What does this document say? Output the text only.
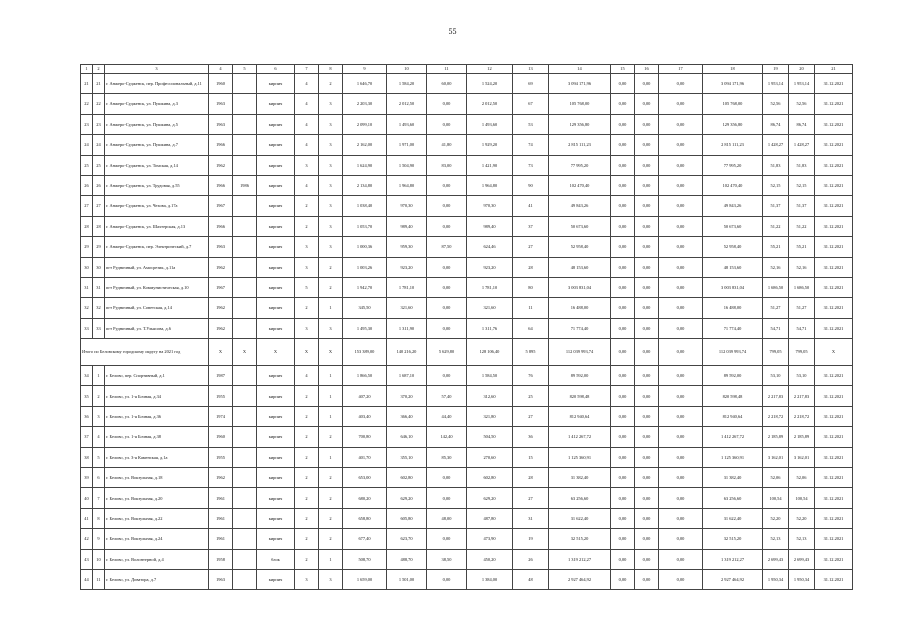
55
1	2	3	4	5	6	7	8	9	10	11	12	13	14	15	16	17	18	19	20	21
21	21	г. Анжеро-Судженск, пер. Профессиональный, д.11	1960		кирпич	4	2	1 646,70	1 584,20	60,00	1 524,20	69	3 094 171,96	0,00	0,00	0,00	3 094 171,96	1 953,14	1 953,14	31.12.2021
22	22	г. Анжеро-Судженск, ул. Пушкина, д.3	1963		кирпич	4	3	2 203,30	2 012,50	0,00	2 012,50	67	105 768,00	0,00	0,00	0,00	105 768,00	52,56	52,56	31.12.2021
23	23	г. Анжеро-Судженск, ул. Пушкина, д.5	1963		кирпич	4	3	2 099,10	1 493,60	0,00	1 493,60	53	129 356,80	0,00	0,00	0,00	129 356,80	86,74	86,74	31.12.2021
24	24	г. Анжеро-Судженск, ул. Пушкина, д.7	1966		кирпич	4	3	2 162,00	1 971,00	41,80	1 929,20	74	2 815 111,23	0,00	0,00	0,00	2 815 111,23	1 428,27	1 428,27	31.12.2021
25	25	г. Анжеро-Судженск, ул. Томская, д.14	1962		кирпич	3	3	1 624,90	1 504,90	83,00	1 421,90	73	77 995,20	0,00	0,00	0,00	77 995,20	51,83	51,83	31.12.2021
26	26	г. Анжеро-Судженск, ул. Трудовая, д.55	1966	1986	кирпич	4	3	2 134,80	1 964,80	0,00	1 964,80	90	102 470,40	0,00	0,00	0,00	102 470,40	52,15	52,15	31.12.2021
27	27	г. Анжеро-Судженск, ул. Чехова, д.17а	1967		кирпич	2	3	1 038,40	970,30	0,00	970,30	41	49 843,26	0,00	0,00	0,00	49 843,26	51,37	51,37	31.12.2021
28	28	г. Анжеро-Судженск, ул. Шахтерская, д.13	1966		кирпич	2	3	1 053,70	989,40	0,00	989,40	37	50 673,60	0,00	0,00	0,00	50 673,60	51,22	51,22	31.12.2021
29	29	г. Анжеро-Судженск, пер. Электрический, д.7	1963		кирпич	3	3	1 000,36	959,30	87,50	624,46	27	52 958,40	0,00	0,00	0,00	52 958,40	55,21	55,21	31.12.2021
30	30	пгт Рудничный, ул. Амосрезик, д.11а	1962		кирпич	3	2	1 003,26	923,20	0,00	923,20	28	48 153,60	0,00	0,00	0,00	48 153,60	52,16	52,16	31.12.2021
31	31	пгт Рудничный, ул. Коммунистическая, д.10	1967		кирпич	5	2	1 942,70	1 781,10	0,00	1 781,10	80	3 003 831,04	0,00	0,00	0,00	3 003 831,04	1 686,50	1 686,50	31.12.2021
32	32	пгт Рудничный, ул. Советская, д.14	1962		кирпич	2	1	345,50	321,60	0,00	321,60	11	16 488,00	0,00	0,00	0,00	16 488,00	51,27	51,27	31.12.2021
33	33	пгт Рудничный, ул. Т.Ульясова, д.6	1962		кирпич	3	3	1 495,30	1 311,90	0,00	1 311,76	64	71 774,40	0,00	0,00	0,00	71 774,40	54,71	54,71	31.12.2021
Итого по Беловскому городскому округу на 2021 год			X	X	X	X	X	153 389,00	140 216,20	5 629,80	128 106,40	5 895	112 039 993,74	0,00	0,00	0,00	112 039 993,74	799,05	799,05	X
34	1	г. Белово, пер. Спортивный, д.1	1987		кирпич	4	1	1 866,50	1 687,10	0,00	1 584,50	76	89 592,00	0,00	0,00	0,00	89 592,00	53,10	53,10	31.12.2021
35	2	г. Белово, ул. 1-я Бочная, д.34	1955		кирпич	2	1	407,20	370,20	57,40	312,60	25	820 598,48	0,00	0,00	0,00	820 598,48	2 217,83	2 217,83	31.12.2021
36	3	г. Белово, ул. 1-я Бочная, д.36	1974		кирпич	2	1	403,40	366,40	44,40	321,80	27	812 940,64	0,00	0,00	0,00	812 940,64	2 218,72	2 218,72	31.12.2021
37	4	г. Белово, ул. 1-я Бочная, д.38	1960		кирпич	2	2	700,80	646,10	142,40	504,50	36	1 412 267,72	0,00	0,00	0,00	1 412 267,72	2 185,89	2 185,89	31.12.2021
38	5	г. Белово, ул. 3-я Каменская, д.1а	1955		кирпич	2	1	401,70	355,10	85,30	270,60	15	1 125 360,91	0,00	0,00	0,00	1 125 360,91	3 162,01	3 162,01	31.12.2021
39	6	г. Белово, ул. Вокзульная, д.18	1962		кирпич	2	2	653,00	602,80	0,00	602,80	28	31 382,40	0,00	0,00	0,00	31 382,40	52,06	52,06	31.12.2021
40	7	г. Белово, ул. Вокзульная, д.20	1961		кирпич	2	2	680,20	629,20	0,00	629,20	27	63 256,60	0,00	0,00	0,00	63 256,60	100,54	100,54	31.12.2021
41	8	г. Белово, ул. Вокзульная, д.22	1961		кирпич	2	2	658,80	605,80	48,00	487,80	31	31 622,40	0,00	0,00	0,00	31 622,40	52,20	52,20	31.12.2021
42	9	г. Белово, ул. Вокзульная, д.24	1961		кирпич	2	2	677,40	623,70	0,00	473,90	19	32 515,20	0,00	0,00	0,00	32 515,20	52,13	52,13	31.12.2021
43	10	г. Белово, ул. Волонтерной, д.4	1958		блок	2	1	508,70	488,70	38,50	450,20	26	1 319 212,27	0,00	0,00	0,00	1 319 212,27	2 699,43	2 699,43	31.12.2021
44	11	г. Белово, ул. Доватора, д.7	1963		кирпич	3	3	1 659,00	1 501,00	0,00	1 384,00	48	2 927 464,92	0,00	0,00	0,00	2 927 464,92	1 950,34	1 950,34	31.12.2021
